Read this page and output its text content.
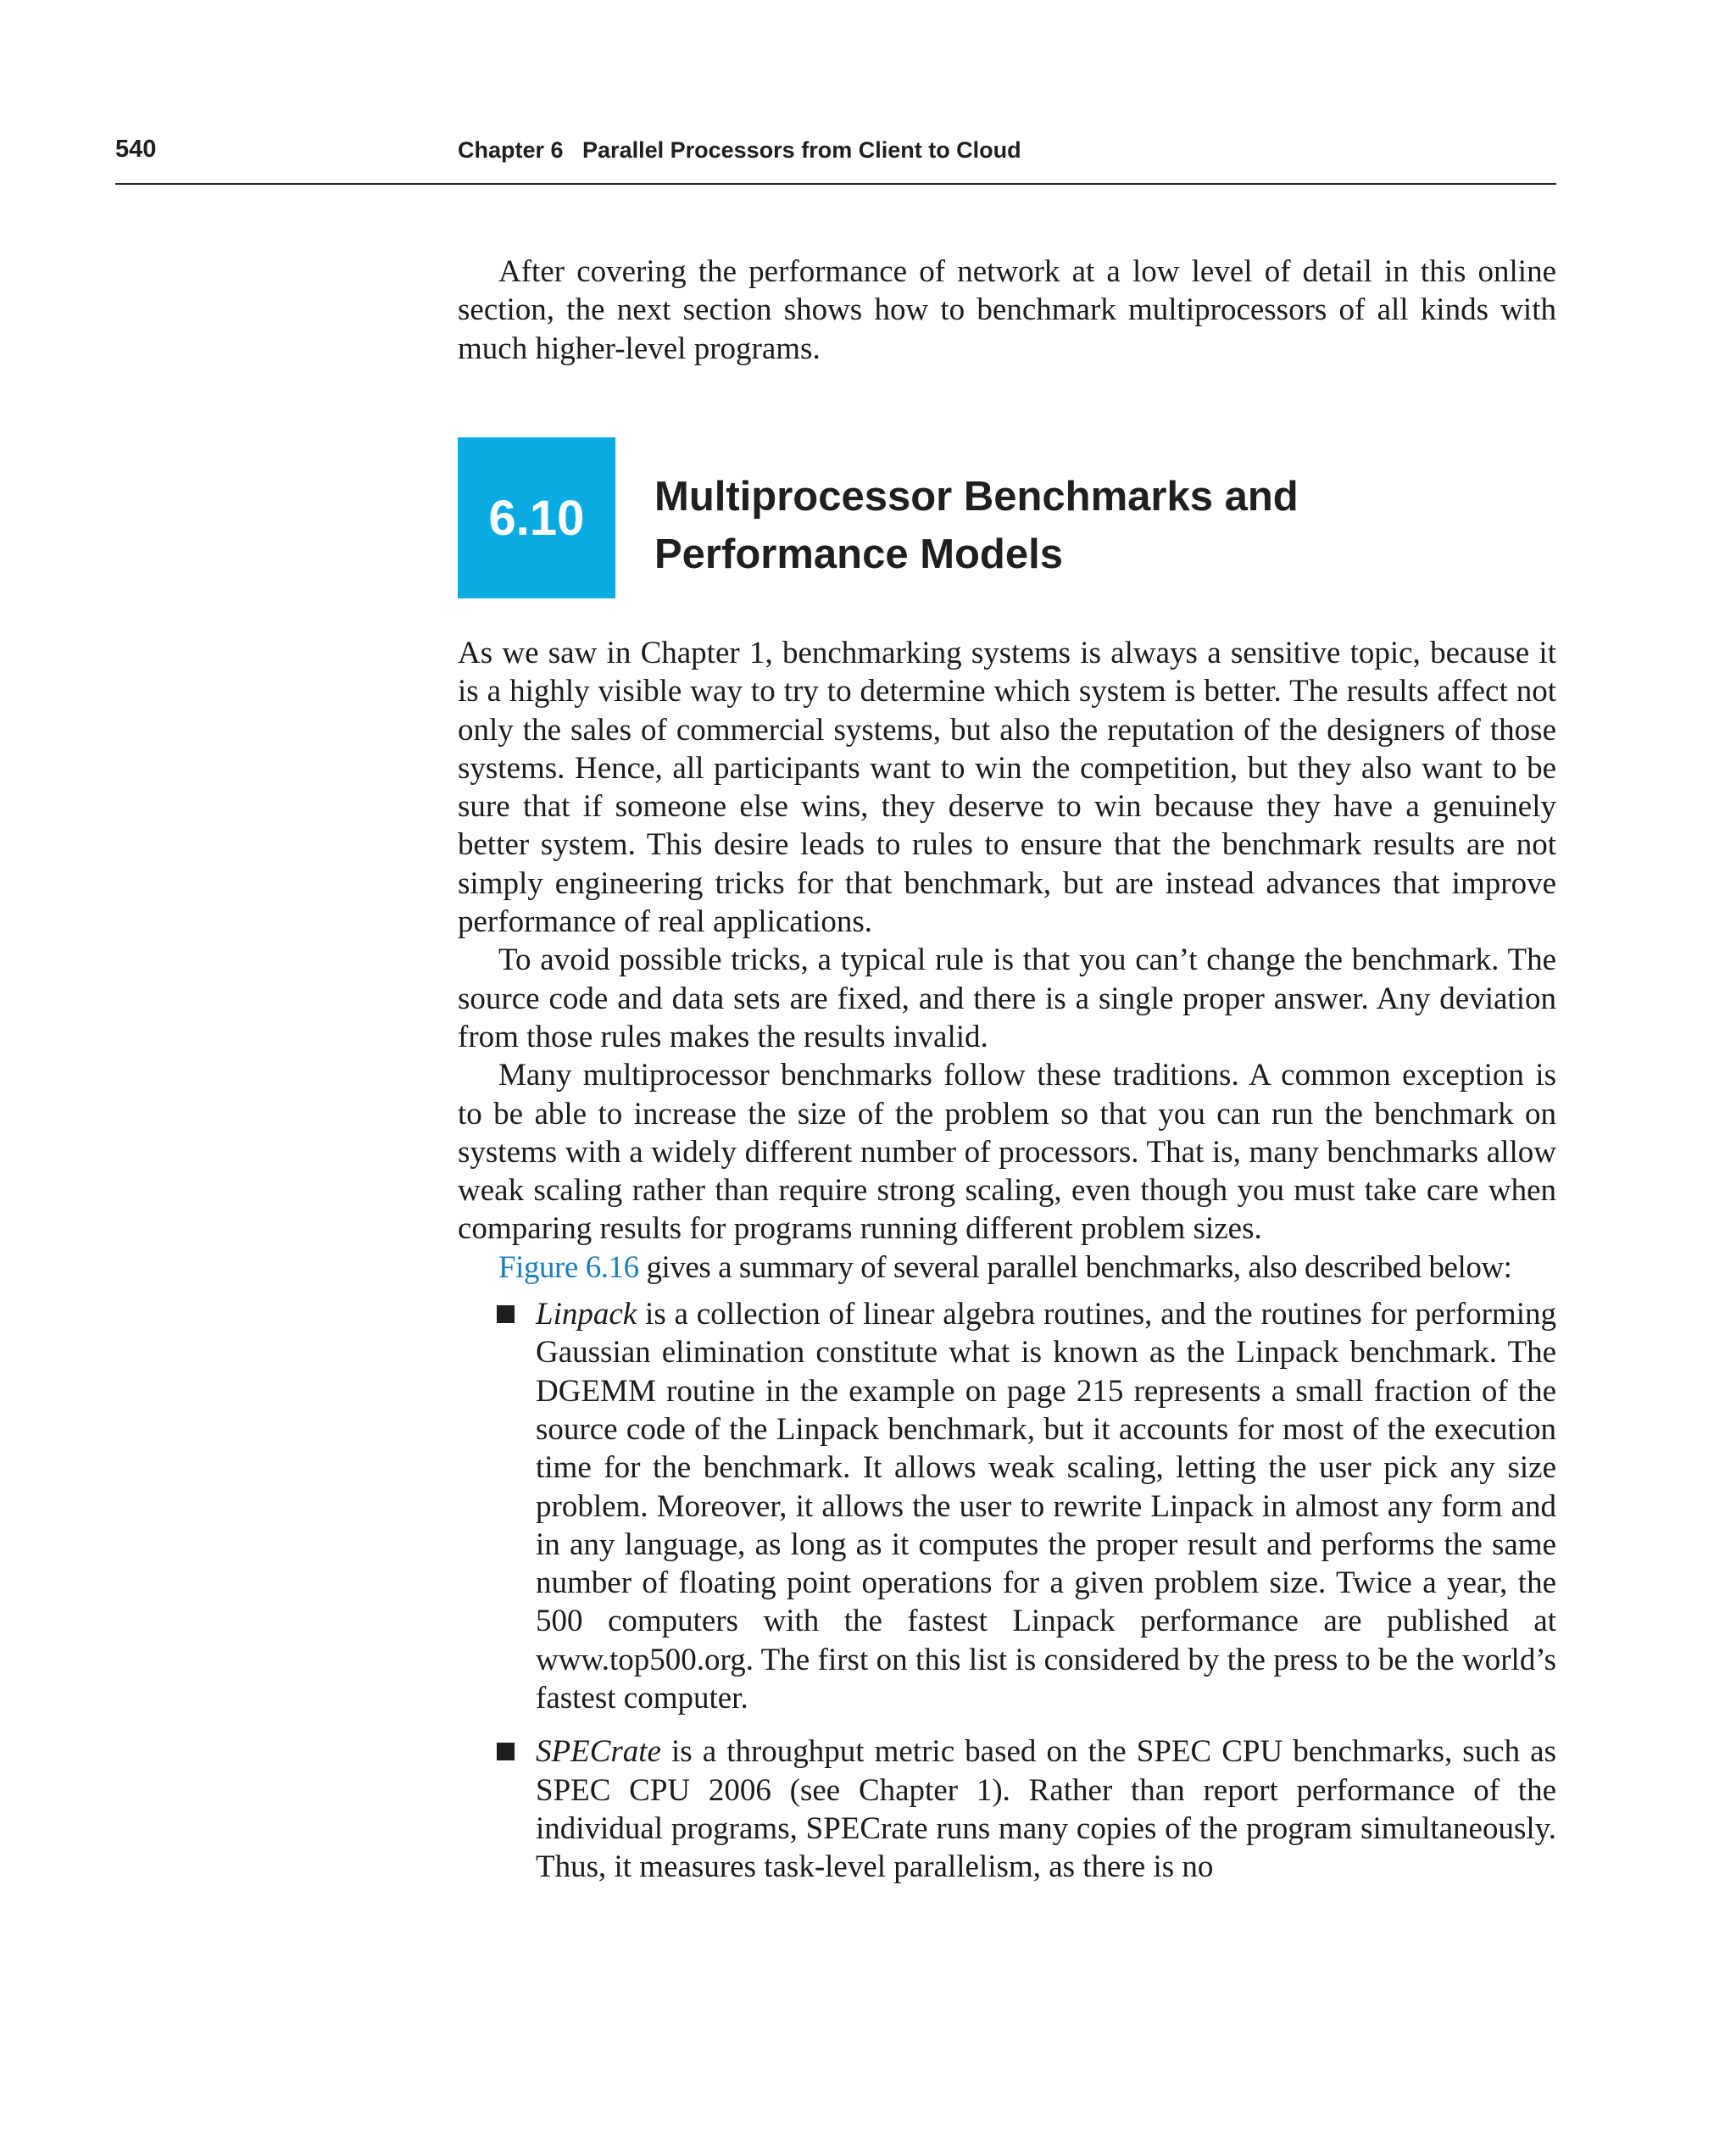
540	Chapter 6   Parallel Processors from Client to Cloud

After covering the performance of network at a low level of detail in this online section, the next section shows how to benchmark multiprocessors of all kinds with much higher-level programs.

6.10 Multiprocessor Benchmarks and
Performance Models

As we saw in Chapter 1, benchmarking systems is always a sensitive topic, because it is a highly visible way to try to determine which system is better. The results affect not only the sales of commercial systems, but also the reputation of the designers of those systems. Hence, all participants want to win the competition, but they also want to be sure that if someone else wins, they deserve to win because they have a genuinely better system. This desire leads to rules to ensure that the benchmark results are not simply engineering tricks for that benchmark, but are instead advances that improve performance of real applications.

To avoid possible tricks, a typical rule is that you can’t change the benchmark. The source code and data sets are fixed, and there is a single proper answer. Any deviation from those rules makes the results invalid.

Many multiprocessor benchmarks follow these traditions. A common exception is to be able to increase the size of the problem so that you can run the benchmark on systems with a widely different number of processors. That is, many benchmarks allow weak scaling rather than require strong scaling, even though you must take care when comparing results for programs running different problem sizes.

Figure 6.16 gives a summary of several parallel benchmarks, also described below:

Linpack is a collection of linear algebra routines, and the routines for performing Gaussian elimination constitute what is known as the Linpack benchmark. The DGEMM routine in the example on page 215 represents a small fraction of the source code of the Linpack benchmark, but it accounts for most of the execution time for the benchmark. It allows weak scaling, letting the user pick any size problem. Moreover, it allows the user to rewrite Linpack in almost any form and in any language, as long as it computes the proper result and performs the same number of floating point operations for a given problem size. Twice a year, the 500 computers with the fastest Linpack performance are published at www.top500.org. The first on this list is considered by the press to be the world’s fastest computer.
SPECrate is a throughput metric based on the SPEC CPU benchmarks, such as SPEC CPU 2006 (see Chapter 1). Rather than report performance of the individual programs, SPECrate runs many copies of the program simultaneously. Thus, it measures task-level parallelism, as there is no
